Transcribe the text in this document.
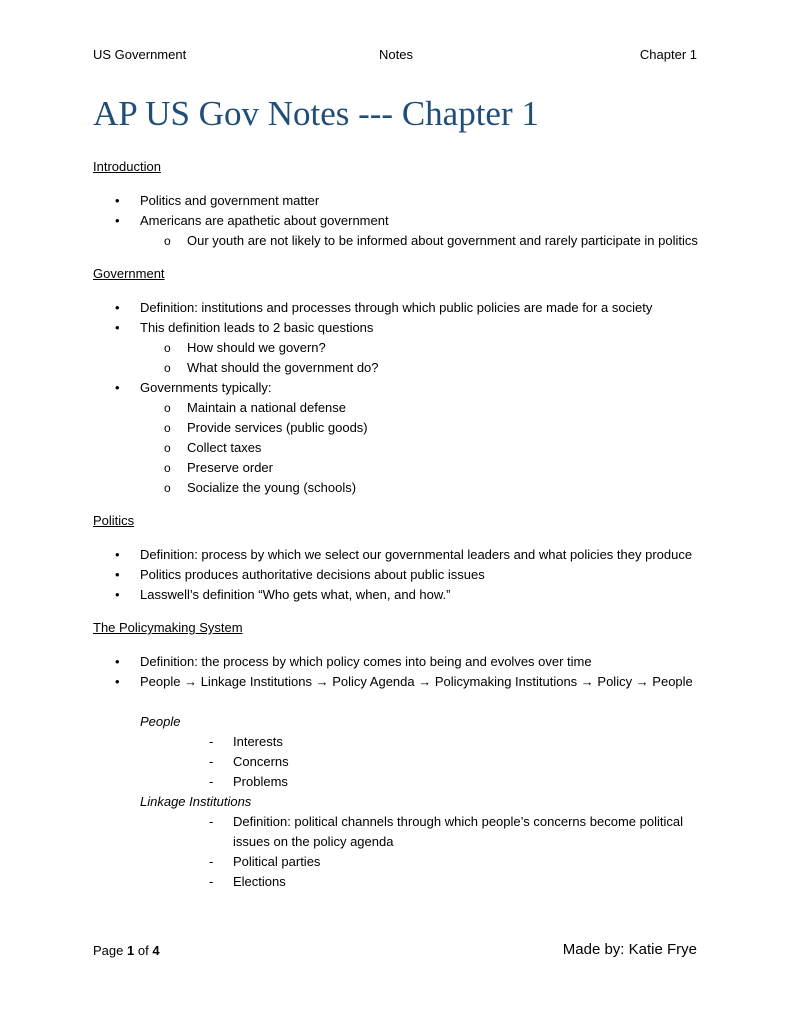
US Government	Notes	Chapter 1
AP US Gov Notes --- Chapter 1

Introduction

• Politics and government matter
• Americans are apathetic about government
o Our youth are not likely to be informed about government and rarely participate in politics

Government

• Definition: institutions and processes through which public policies are made for a society
• This definition leads to 2 basic questions
o How should we govern?
o What should the government do?
• Governments typically:
o Maintain a national defense
o Provide services (public goods)
o Collect taxes
o Preserve order
o Socialize the young (schools)

Politics

• Definition: process by which we select our governmental leaders and what policies they produce
• Politics produces authoritative decisions about public issues
• Lasswell’s definition “Who gets what, when, and how.”

The Policymaking System

• Definition: the process by which policy comes into being and evolves over time
• People → Linkage Institutions → Policy Agenda → Policymaking Institutions → Policy → People

People

- Interests
- Concerns
- Problems

Linkage Institutions

- Definition: political channels through which people’s concerns become political issues on the policy agenda
- Political parties
- Elections
Page 1 of 4	Made by: Katie Frye
